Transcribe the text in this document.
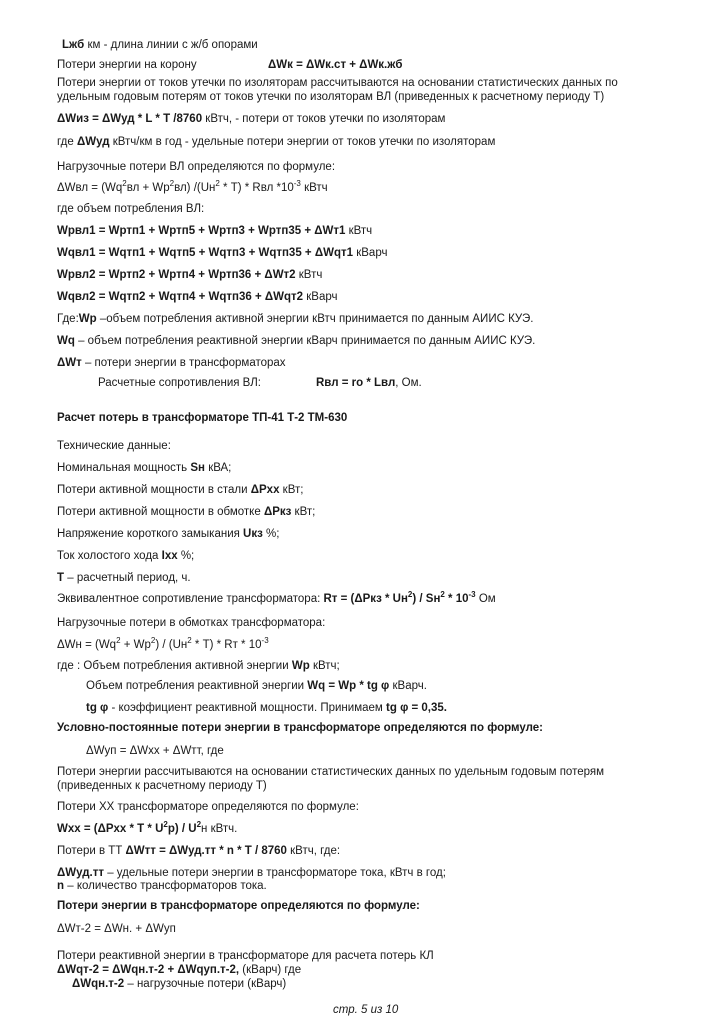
Lжб км - длина линии с ж/б опорами
Потери энергии на корону	ΔWк = ΔWк.ст + ΔWк.жб
Потери энергии от токов утечки по изоляторам рассчитываются на основании статистических данных по
удельным годовым потерям от токов утечки по изоляторам ВЛ (приведенных к расчетному периоду Т)
ΔWиз = ΔWуд * L * Т /8760 кВтч, - потери от токов утечки по изоляторам
где ΔWуд кВтч/км в год - удельные потери энергии от токов утечки по изоляторам
Нагрузочные потери ВЛ определяются по формуле:
где объем потребления ВЛ:
Wрвл1 = Wртп1 + Wртп5 + Wртп3 + Wртп35 + ΔWт1 кВтч
Wqвл1 = Wqтп1 + Wqтп5 + Wqтп3 + Wqтп35 + ΔWqт1 кВарч
Wрвл2 = Wртп2 + Wртп4 + Wртп36 + ΔWт2 кВтч
Wqвл2 = Wqтп2 + Wqтп4 + Wqтп36 + ΔWqт2 кВарч
Где:Wр –объем потребления активной энергии кВтч принимается по данным АИИС КУЭ.
Wq – объем потребления реактивной энергии кВарч принимается по данным АИИС КУЭ.
ΔWт – потери энергии в трансформаторах
Расчетные сопротивления ВЛ:	Rвл = ro * Lвл, Ом.
Расчет потерь в трансформаторе ТП-41 Т-2 ТМ-630
Технические данные:
Номинальная мощность Sн кВА;
Потери активной мощности в стали ΔPхх кВт;
Потери активной мощности в обмотке ΔPкз кВт;
Напряжение короткого замыкания Uкз %;
Ток холостого хода Iхх %;
Т – расчетный период, ч.
Нагрузочные потери в обмотках трансформатора:
где : Объем потребления активной энергии Wр кВтч;
Объем потребления реактивной энергии Wq = Wр * tg φ кВарч.
tg φ - коэффициент реактивной мощности. Принимаем tg φ = 0,35.
Условно-постоянные потери энергии в трансформаторе определяются по формуле:
ΔWуп = ΔWхх + ΔWтт, где
Потери энергии рассчитываются на основании статистических данных по удельным годовым потерям
(приведенных к расчетному периоду Т)
Потери ХХ трансформаторе определяются по формуле:
Потери в ТТ ΔWтт = ΔWуд.тт * n * Т / 8760 кВтч, где:
ΔWуд.тт – удельные потери энергии в трансформаторе тока, кВтч в год;
n – количество трансформаторов тока.
Потери энергии в трансформаторе определяются по формуле:
ΔWт-2 = ΔWн. + ΔWуп
Потери реактивной энергии в трансформаторе для расчета потерь КЛ
ΔWqт-2 = ΔWqн.т-2 + ΔWqуп.т-2, (кВарч) где
ΔWqн.т-2 – нагрузочные потери (кВарч)
$\Delta Wвл = (Wq^2вл + Wр^2вл)$ $/(Uн^2 * Т)$ * Rвл $*10^{-3}$ кВтч
Эквивалентное сопротивление трансформатора: Rт = $(\Delta Pкз * Uн^2) / Sн^2 * 10^{-3}$ Ом
$\Delta Wн = (Wq^2 + Wр^2) / (Uн^2 * Т)$ * Rт * $10^{-3}$
Wхх = (ΔPхх * Т * $U^2р) / U^2н$ кВтч.
стр. 5 из 10
